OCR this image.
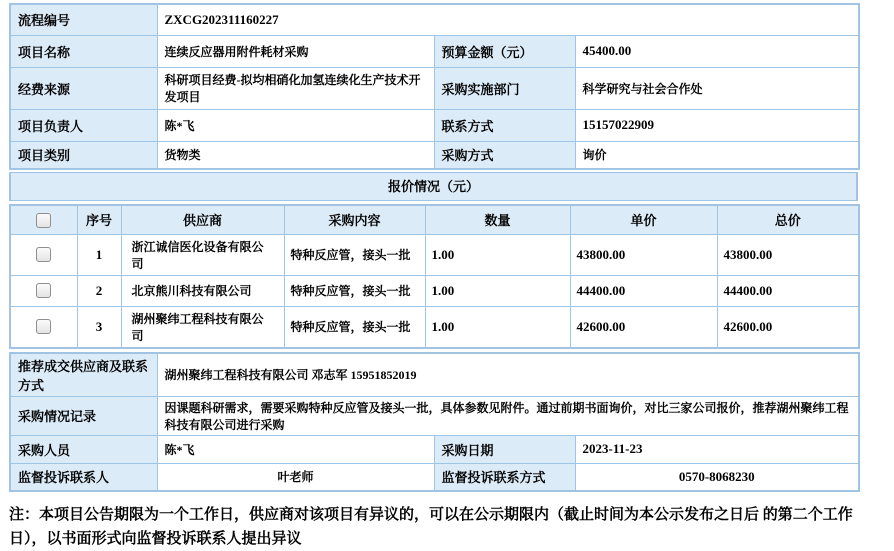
流程编号	ZXCG202311160227		
项目名称	连续反应器用附件耗材采购	预算金额（元）	45400.00
经费来源	科研项目经费-拟均相硝化加氢连续化生产技术开发项目	采购实施部门	科学研究与社会合作处
项目负责人	陈*飞	联系方式	15157022909
项目类别	货物类	采购方式	询价
报价情况（元）
	序号	供应商	采购内容	数量	单价	总价
	1	浙江诚信医化设备有限公司	特种反应管，接头一批	1.00	43800.00	43800.00
	2	北京熊川科技有限公司	特种反应管，接头一批	1.00	44400.00	44400.00
	3	湖州聚纬工程科技有限公司	特种反应管，接头一批	1.00	42600.00	42600.00
推荐成交供应商及联系方式	湖州聚纬工程科技有限公司 邓志军 15951852019		
采购情况记录	因课题科研需求，需要采购特种反应管及接头一批，具体参数见附件。通过前期书面询价，对比三家公司报价，推荐湖州聚纬工程科技有限公司进行采购		
采购人员	陈*飞	采购日期	2023-11-23
监督投诉联系人	叶老师	监督投诉联系方式	0570-8068230

注：本项目公告期限为一个工作日，供应商对该项目有异议的，可以在公示期限内（截止时间为本公示发布之日后 的第二个工作日），以书面形式向监督投诉联系人提出异议
